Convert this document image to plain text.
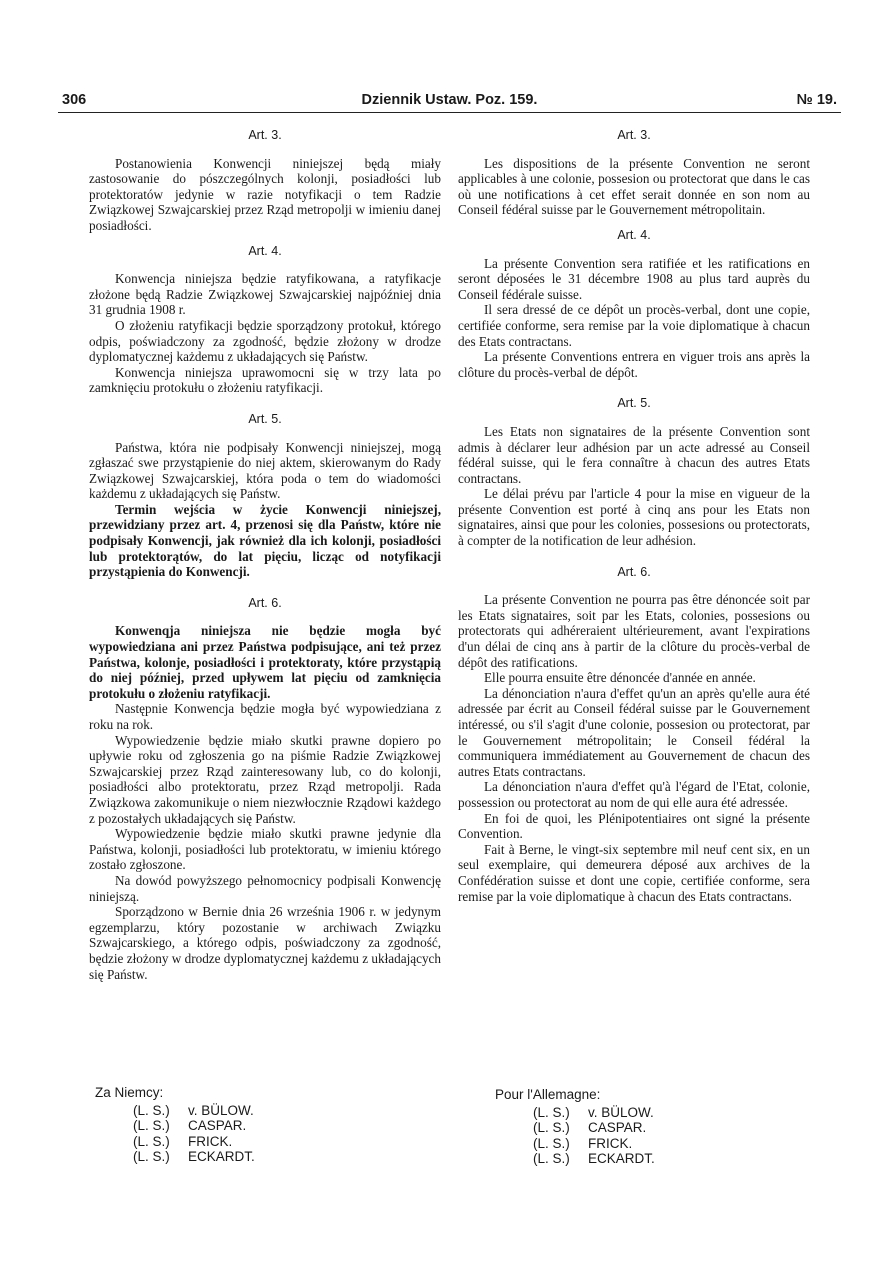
306	Dziennik Ustaw. Poz. 159.	№ 19.
Art. 3.

Postanowienia Konwencji niniejszej będą miały zastosowanie do pószczególnych kolonji, posiadłości lub protektoratów jedynie w razie notyfikacji o tem Radzie Związkowej Szwajcarskiej przez Rząd metropolji w imieniu danej posiadłości.

Art. 4.

Konwencja niniejsza będzie ratyfikowana, a ratyfikacje złożone będą Radzie Związkowej Szwajcarskiej najpóźniej dnia 31 grudnia 1908 r.

O złożeniu ratyfikacji będzie sporządzony protokuł, którego odpis, poświadczony za zgodność, będzie złożony w drodze dyplomatycznej każdemu z układających się Państw.

Konwencja niniejsza uprawomocni się w trzy lata po zamknięciu protokułu o złożeniu ratyfikacji.

Art. 5.

Państwa, która nie podpisały Konwencji niniejszej, mogą zgłaszać swe przystąpienie do niej aktem, skierowanym do Rady Związkowej Szwajcarskiej, która poda o tem do wiadomości każdemu z układających się Państw.

Termin wejścia w życie Konwencji niniejszej, przewidziany przez art. 4, przenosi się dla Państw, które nie podpisały Konwencji, jak również dla ich kolonji, posiadłości lub protektorątów, do lat pięciu, licząc od notyfikacji przystąpienia do Konwencji.

Art. 6.

Konwenqja niniejsza nie będzie mogła być wypowiedziana ani przez Państwa podpisujące, ani też przez Państwa, kolonje, posiadłości i protektoraty, które przystąpią do niej później, przed upływem lat pięciu od zamknięcia protokułu o złożeniu ratyfikacji.

Następnie Konwencja będzie mogła być wypowiedziana z roku na rok.

Wypowiedzenie będzie miało skutki prawne dopiero po upływie roku od zgłoszenia go na piśmie Radzie Związkowej Szwajcarskiej przez Rząd zainteresowany lub, co do kolonji, posiadłości albo protektoratu, przez Rząd metropolji. Rada Związkowa zakomunikuje o niem niezwłocznie Rządowi każdego z pozostałych układających się Państw.

Wypowiedzenie będzie miało skutki prawne jedynie dla Państwa, kolonji, posiadłości lub protektoratu, w imieniu którego zostało zgłoszone.

Na dowód powyższego pełnomocnicy podpisali Konwencję niniejszą.

Sporządzono w Bernie dnia 26 września 1906 r. w jedynym egzemplarzu, który pozostanie w archiwach Związku Szwajcarskiego, a którego odpis, poświadczony za zgodność, będzie złożony w drodze dyplomatycznej każdemu z układających się Państw.

Art. 3.

Les dispositions de la présente Convention ne seront applicables à une colonie, possesion ou protectorat que dans le cas où une notifications à cet effet serait donnée en son nom au Conseil fédéral suisse par le Gouvernement métropolitain.

Art. 4.

La présente Convention sera ratifiée et les ratifications en seront déposées le 31 décembre 1908 au plus tard auprès du Conseil fédérale suisse.

Il sera dressé de ce dépôt un procès-verbal, dont une copie, certifiée conforme, sera remise par la voie diplomatique à chacun des Etats contractans.

La présente Conventions entrera en viguer trois ans après la clôture du procès-verbal de dépôt.

Art. 5.

Les Etats non signataires de la présente Convention sont admis à déclarer leur adhésion par un acte adressé au Conseil fédéral suisse, qui le fera connaître à chacun des autres Etats contractans.

Le délai prévu par l'article 4 pour la mise en vigueur de la présente Convention est porté à cinq ans pour les Etats non signataires, ainsi que pour les colonies, possesions ou protectorats, à compter de la notification de leur adhésion.

Art. 6.

La présente Convention ne pourra pas être dénoncée soit par les Etats signataires, soit par les Etats, colonies, possesions ou protectorats qui adhéreraient ultérieurement, avant l'expirations d'un délai de cinq ans à partir de la clôture du procès-verbal de dépôt des ratifications.

Elle pourra ensuite être dénoncée d'année en année.

La dénonciation n'aura d'effet qu'un an après qu'elle aura été adressée par écrit au Conseil fédéral suisse par le Gouvernement intéressé, ou s'il s'agit d'une colonie, possesion ou protectorat, par le Gouvernement métropolitain; le Conseil fédéral la communiquera immédiatement au Gouvernement de chacun des autres Etats contractans.

La dénonciation n'aura d'effet qu'à l'égard de l'Etat, colonie, possession ou protectorat au nom de qui elle aura été adressée.

En foi de quoi, les Plénipotentiaires ont signé la présente Convention.

Fait à Berne, le vingt-six septembre mil neuf cent six, en un seul exemplaire, qui demeurera déposé aux archives de la Confédération suisse et dont une copie, certifiée conforme, sera remise par la voie diplomatique à chacun des Etats contractans.

Za Niemcy:
(L. S.) v. BÜLOW.
(L. S.) CASPAR.
(L. S.) FRICK.
(L. S.) ECKARDT.
Pour l'Allemagne:
(L. S.) v. BÜLOW.
(L. S.) CASPAR.
(L. S.) FRICK.
(L. S.) ECKARDT.
